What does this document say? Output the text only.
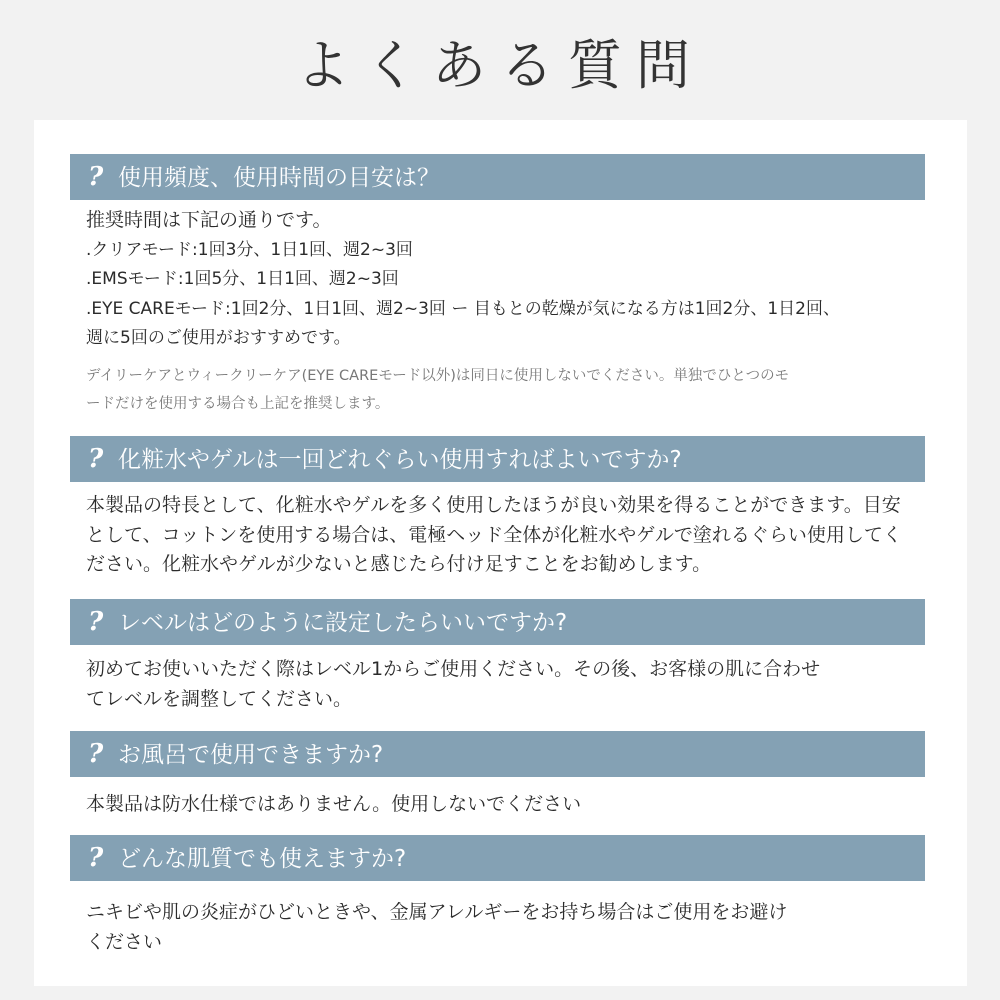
よくある質問
? 使用頻度、使用時間の目安は？
推奨時間は下記の通りです。
.クリアモード:1回3分、1日1回、週2~3回
.EMSモード:1回5分、1日1回、週2~3回
.EYE CAREモード:1回2分、1日1回、週2~3回 ー 目もとの乾燥が気になる方は1回2分、1日2回、
週に5回のご使用がおすすめです。
デイリーケアとウィークリーケア(EYE CAREモード以外)は同日に使用しないでください。単独でひとつのモ
ードだけを使用する場合も上記を推奨します。
? 化粧水やゲルは一回どれぐらい使用すればよいですか?
本製品の特長として、化粧水やゲルを多く使用したほうが良い効果を得ることができます。目安
として、コットンを使用する場合は、電極ヘッド全体が化粧水やゲルで塗れるぐらい使用してく
ださい。化粧水やゲルが少ないと感じたら付け足すことをお勧めします。
? レベルはどのように設定したらいいですか?
初めてお使いいただく際はレベル1からご使用ください。その後、お客様の肌に合わせ
てレベルを調整してください。
? お風呂で使用できますか?
本製品は防水仕様ではありません。使用しないでください
? どんな肌質でも使えますか?
ニキビや肌の炎症がひどいときや、金属アレルギーをお持ち場合はご使用をお避け
ください
